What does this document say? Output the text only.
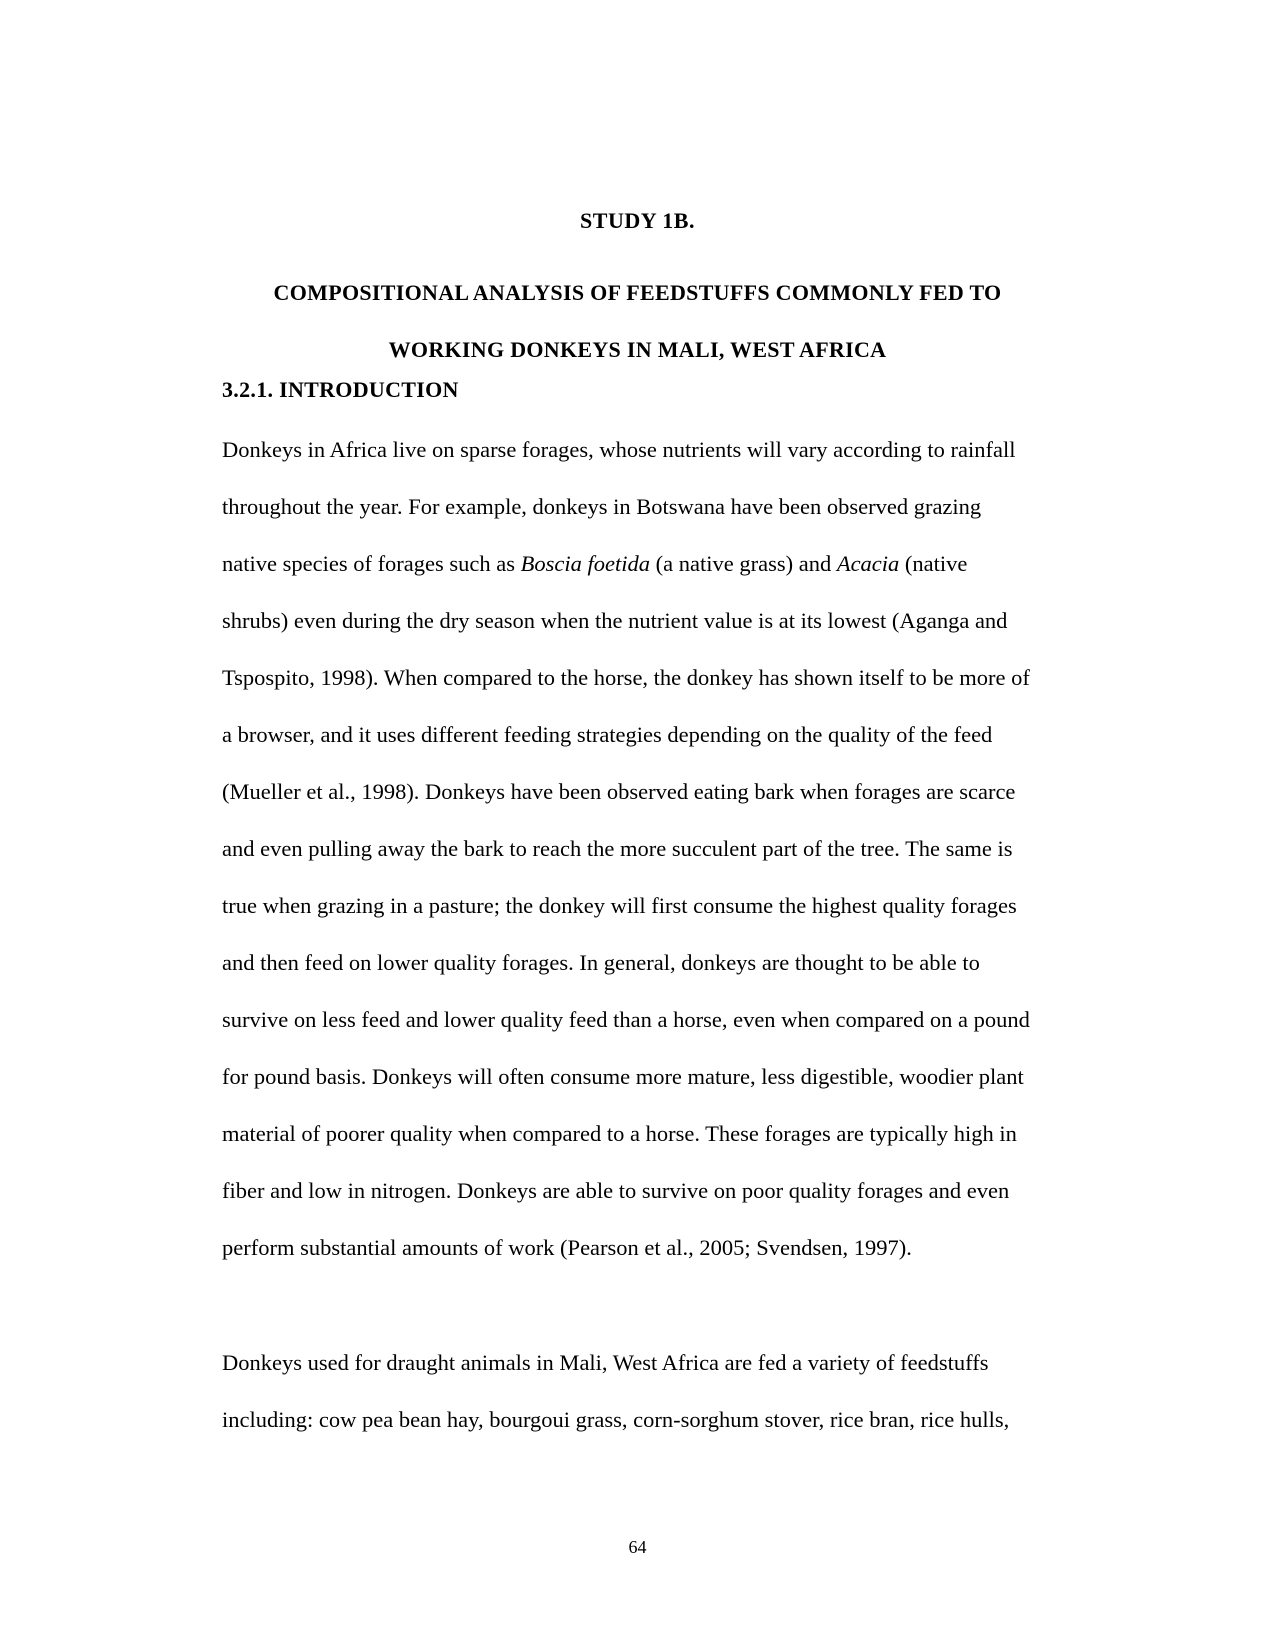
STUDY 1B.
COMPOSITIONAL ANALYSIS OF FEEDSTUFFS COMMONLY FED TO
WORKING DONKEYS IN MALI, WEST AFRICA
3.2.1. INTRODUCTION
Donkeys in Africa live on sparse forages, whose nutrients will vary according to rainfall
throughout the year. For example, donkeys in Botswana have been observed grazing
native species of forages such as Boscia foetida (a native grass) and Acacia (native
shrubs) even during the dry season when the nutrient value is at its lowest (Aganga and
Tspospito, 1998). When compared to the horse, the donkey has shown itself to be more of
a browser, and it uses different feeding strategies depending on the quality of the feed
(Mueller et al., 1998). Donkeys have been observed eating bark when forages are scarce
and even pulling away the bark to reach the more succulent part of the tree. The same is
true when grazing in a pasture; the donkey will first consume the highest quality forages
and then feed on lower quality forages. In general, donkeys are thought to be able to
survive on less feed and lower quality feed than a horse, even when compared on a pound
for pound basis. Donkeys will often consume more mature, less digestible, woodier plant
material of poorer quality when compared to a horse. These forages are typically high in
fiber and low in nitrogen. Donkeys are able to survive on poor quality forages and even
perform substantial amounts of work (Pearson et al., 2005; Svendsen, 1997).
Donkeys used for draught animals in Mali, West Africa are fed a variety of feedstuffs
including: cow pea bean hay, bourgoui grass, corn-sorghum stover, rice bran, rice hulls,
64
